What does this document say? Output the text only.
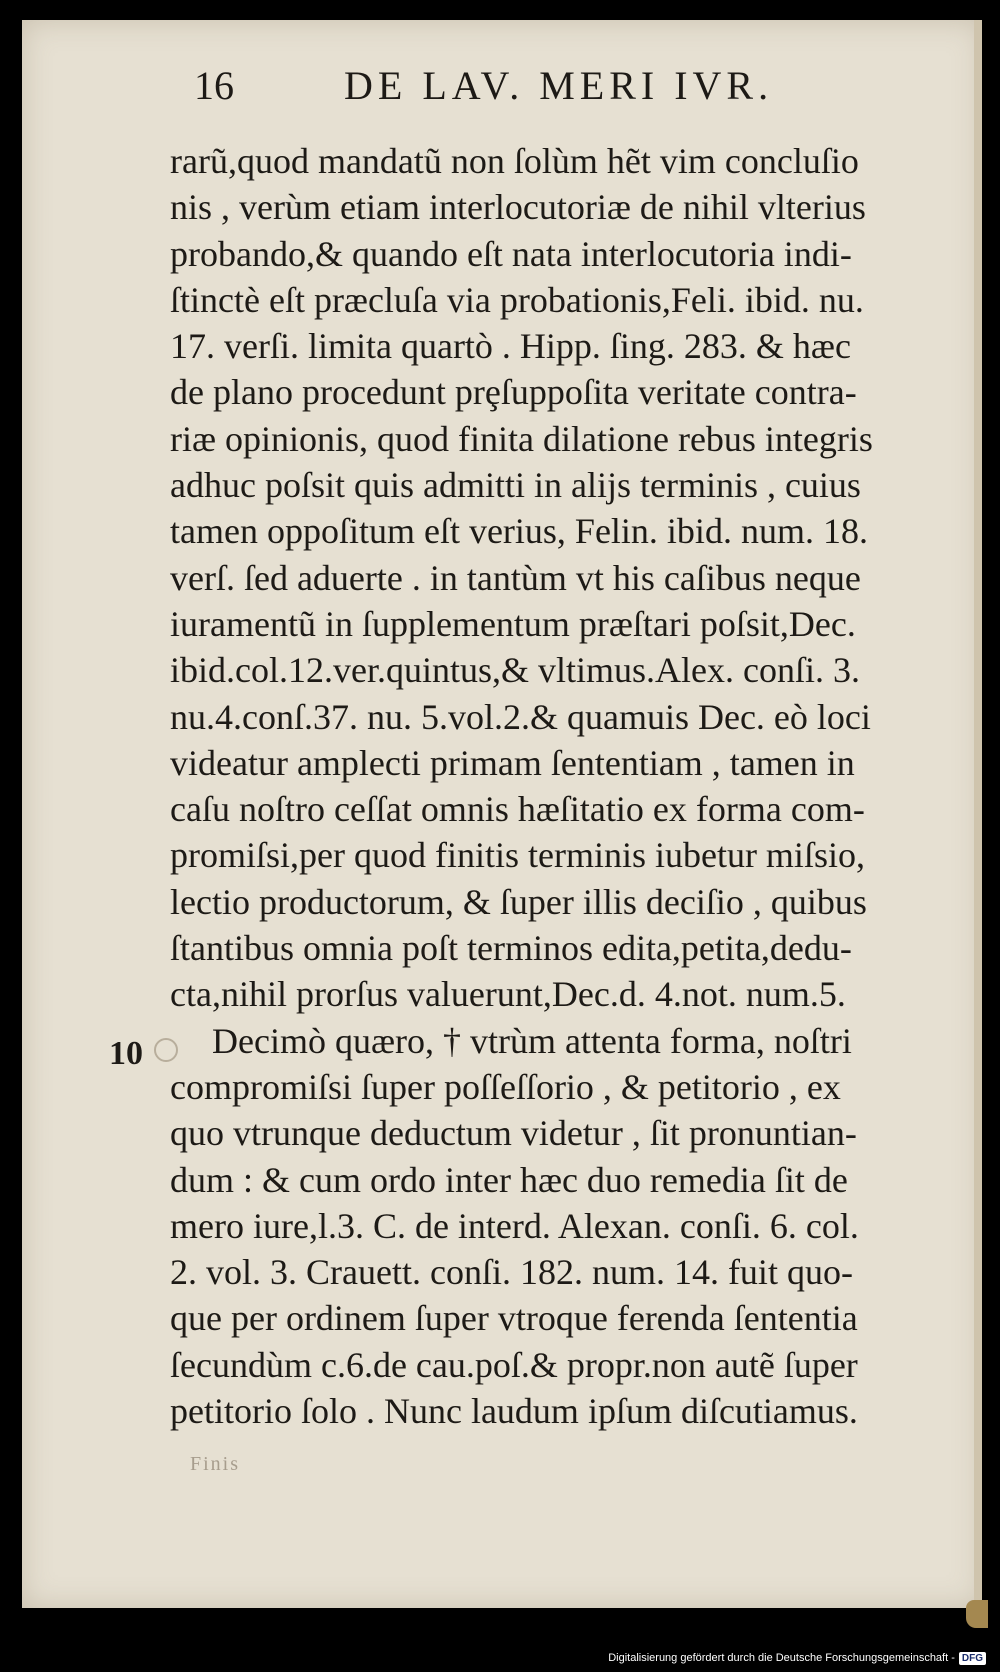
16	DE LAV. MERI IVR.
10
rarũ,quod mandatũ non ſolùm hẽt vim concluſio
nis , verùm etiam interlocutoriæ de nihil vlterius
probando,& quando eſt nata interlocutoria indi-
ſtinctè eſt præcluſa via probationis,Feli. ibid. nu.
17. verſi. limita quartò . Hipp. ſing. 283. & hæc
de plano procedunt prȩſuppoſita veritate contra-
riæ opinionis, quod finita dilatione rebus integris
adhuc poſsit quis admitti in alijs terminis , cuius
tamen oppoſitum eſt verius, Felin. ibid. num. 18.
verſ. ſed aduerte . in tantùm vt his caſibus neque
iuramentũ in ſupplementum præſtari poſsit,Dec.
ibid.col.12.ver.quintus,& vltimus.Alex. conſi. 3.
nu.4.conſ.37. nu. 5.vol.2.& quamuis Dec. eò loci
videatur amplecti primam ſententiam , tamen in
caſu noſtro ceſſat omnis hæſitatio ex forma com-
promiſsi,per quod finitis terminis iubetur miſsio,
lectio productorum, & ſuper illis deciſio , quibus
ſtantibus omnia poſt terminos edita,petita,dedu-
cta,nihil prorſus valuerunt,Dec.d. 4.not. num.5.
Decimò quæro, † vtrùm attenta forma, noſtri
compromiſsi ſuper poſſeſſorio , & petitorio , ex
quo vtrunque deductum videtur , ſit pronuntian-
dum : & cum ordo inter hæc duo remedia ſit de
mero iure,l.3. C. de interd. Alexan. conſi. 6. col.
2. vol. 3. Crauett. conſi. 182. num. 14. fuit quo-
que per ordinem ſuper vtroque ferenda ſententia
ſecundùm c.6.de cau.poſ.& propr.non autẽ ſuper
petitorio ſolo . Nunc laudum ipſum diſcutiamus.
Finis
Digitalisierung gefördert durch die Deutsche Forschungsgemeinschaft - DFG
